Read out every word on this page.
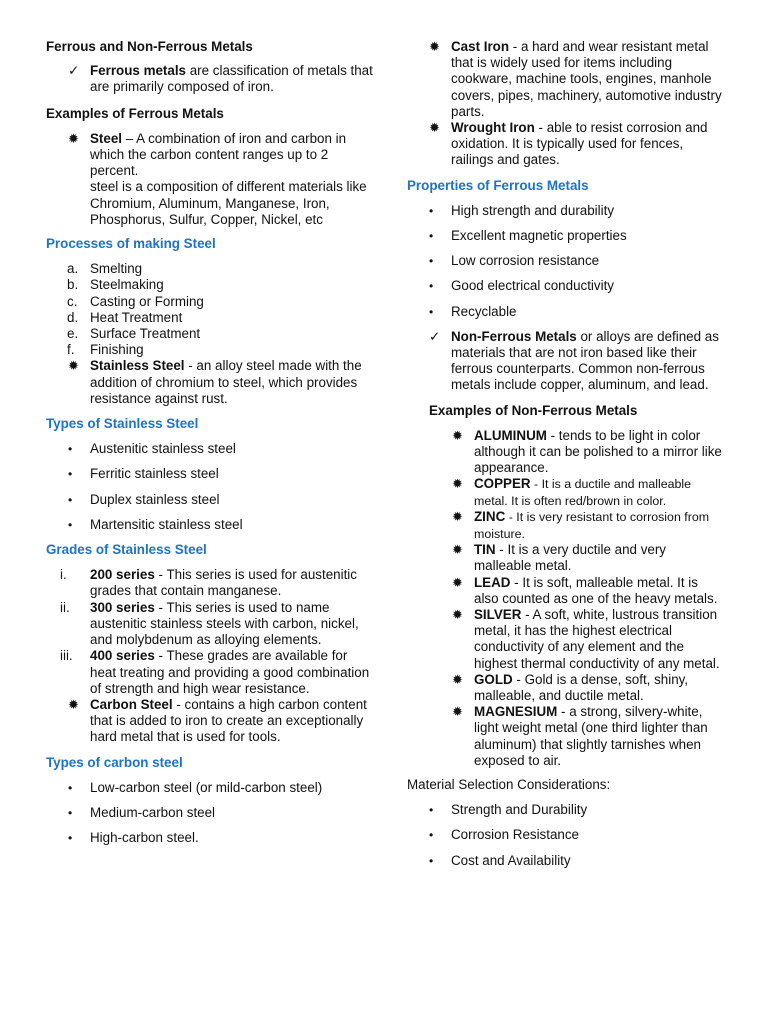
Ferrous and Non-Ferrous Metals

✓ Ferrous metals are classification of metals that are primarily composed of iron.

Examples of Ferrous Metals

✹ Steel – A combination of iron and carbon in which the carbon content ranges up to 2 percent.
steel is a composition of different materials like Chromium, Aluminum, Manganese, Iron, Phosphorus, Sulfur, Copper, Nickel, etc

Processes of making Steel

a. Smelting
b. Steelmaking
c. Casting or Forming
d. Heat Treatment
e. Surface Treatment
f. Finishing
✹ Stainless Steel - an alloy steel made with the addition of chromium to steel, which provides resistance against rust.

Types of Stainless Steel

• Austenitic stainless steel
• Ferritic stainless steel
• Duplex stainless steel
• Martensitic stainless steel

Grades of Stainless Steel

i. 200 series - This series is used for austenitic grades that contain manganese.
ii. 300 series - This series is used to name austenitic stainless steels with carbon, nickel, and molybdenum as alloying elements.
iii. 400 series - These grades are available for heat treating and providing a good combination of strength and high wear resistance.
✹ Carbon Steel - contains a high carbon content that is added to iron to create an exceptionally hard metal that is used for tools.

Types of carbon steel

• Low-carbon steel (or mild-carbon steel)
• Medium-carbon steel
• High-carbon steel.
✹ Cast Iron - a hard and wear resistant metal that is widely used for items including cookware, machine tools, engines, manhole covers, pipes, machinery, automotive industry parts.
✹ Wrought Iron - able to resist corrosion and oxidation. It is typically used for fences, railings and gates.

Properties of Ferrous Metals

• High strength and durability
• Excellent magnetic properties
• Low corrosion resistance
• Good electrical conductivity
• Recyclable
✓ Non-Ferrous Metals or alloys are defined as materials that are not iron based like their ferrous counterparts. Common non-ferrous metals include copper, aluminum, and lead.

Examples of Non-Ferrous Metals

✹ ALUMINUM - tends to be light in color although it can be polished to a mirror like appearance.
✹ COPPER - It is a ductile and malleable metal. It is often red/brown in color.
✹ ZINC - It is very resistant to corrosion from moisture.
✹ TIN - It is a very ductile and very malleable metal.
✹ LEAD - It is soft, malleable metal. It is also counted as one of the heavy metals.
✹ SILVER - A soft, white, lustrous transition metal, it has the highest electrical conductivity of any element and the highest thermal conductivity of any metal.
✹ GOLD - Gold is a dense, soft, shiny, malleable, and ductile metal.
✹ MAGNESIUM - a strong, silvery-white, light weight metal (one third lighter than aluminum) that slightly tarnishes when exposed to air.

Material Selection Considerations:

• Strength and Durability
• Corrosion Resistance
• Cost and Availability
